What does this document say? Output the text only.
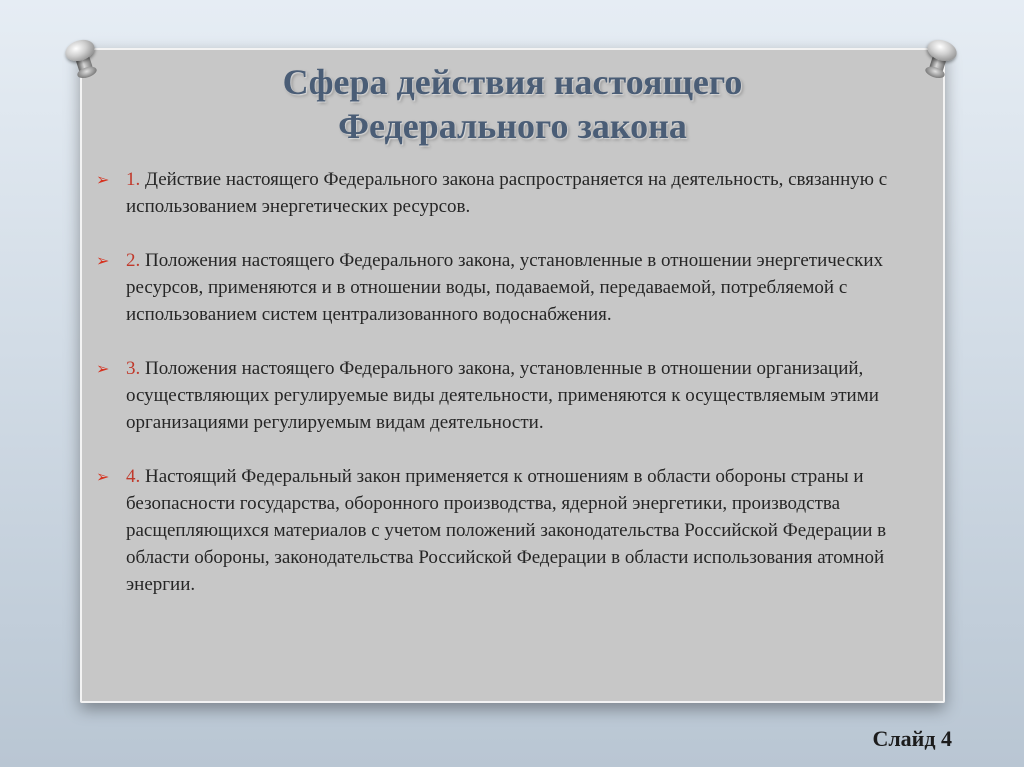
Сфера действия настоящего
Федерального закона
➢ 1. Действие настоящего Федерального закона распространяется на деятельность, связанную с использованием энергетических ресурсов.
➢ 2. Положения настоящего Федерального закона, установленные в отношении энергетических ресурсов, применяются и в отношении воды, подаваемой, передаваемой, потребляемой с использованием систем централизованного водоснабжения.
➢ 3. Положения настоящего Федерального закона, установленные в отношении организаций, осуществляющих регулируемые виды деятельности, применяются к осуществляемым этими организациями регулируемым видам деятельности.
➢ 4. Настоящий Федеральный закон применяется к отношениям в области обороны страны и безопасности государства, оборонного производства, ядерной энергетики, производства расщепляющихся материалов с учетом положений законодательства Российской Федерации в области обороны, законодательства Российской Федерации в области использования атомной энергии.
Слайд 4
